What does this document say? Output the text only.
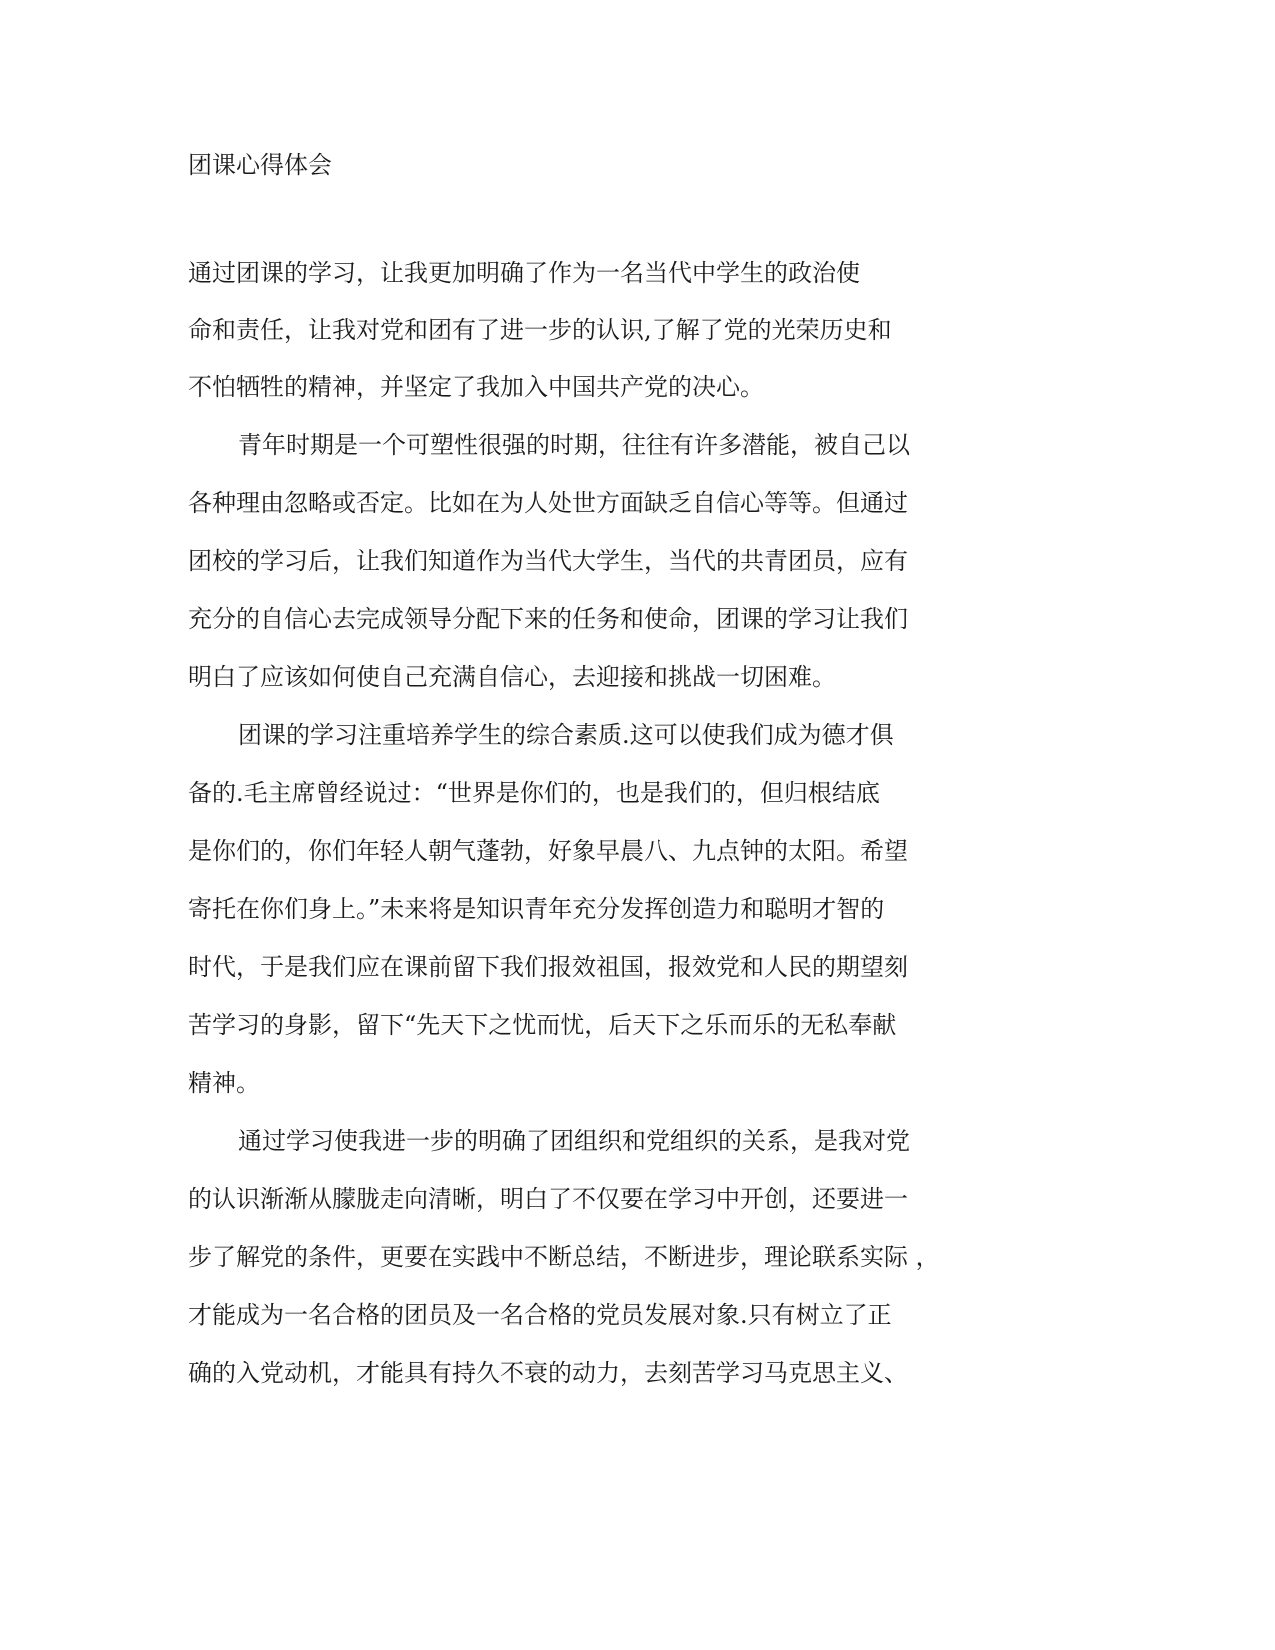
团课心得体会

通过团课的学习，让我更加明确了作为一名当代中学生的政治使

命和责任，让我对党和团有了进一步的认识,了解了党的光荣历史和

不怕牺牲的精神，并坚定了我加入中国共产党的决心。

青年时期是一个可塑性很强的时期，往往有许多潜能，被自己以

各种理由忽略或否定。比如在为人处世方面缺乏自信心等等。但通过

团校的学习后，让我们知道作为当代大学生，当代的共青团员，应有

充分的自信心去完成领导分配下来的任务和使命，团课的学习让我们

明白了应该如何使自己充满自信心，去迎接和挑战一切困难。

团课的学习注重培养学生的综合素质.这可以使我们成为德才俱

备的.毛主席曾经说过：“世界是你们的，也是我们的，但归根结底

是你们的，你们年轻人朝气蓬勃，好象早晨八、九点钟的太阳。希望

寄托在你们身上。”未来将是知识青年充分发挥创造力和聪明才智的

时代，于是我们应在课前留下我们报效祖国，报效党和人民的期望刻

苦学习的身影，留下“先天下之忧而忧，后天下之乐而乐的无私奉献

精神。

通过学习使我进一步的明确了团组织和党组织的关系，是我对党

的认识渐渐从朦胧走向清晰，明白了不仅要在学习中开创，还要进一

步了解党的条件，更要在实践中不断总结，不断进步，理论联系实际 ，

才能成为一名合格的团员及一名合格的党员发展对象.只有树立了正

确的入党动机，才能具有持久不衰的动力，去刻苦学习马克思主义、
